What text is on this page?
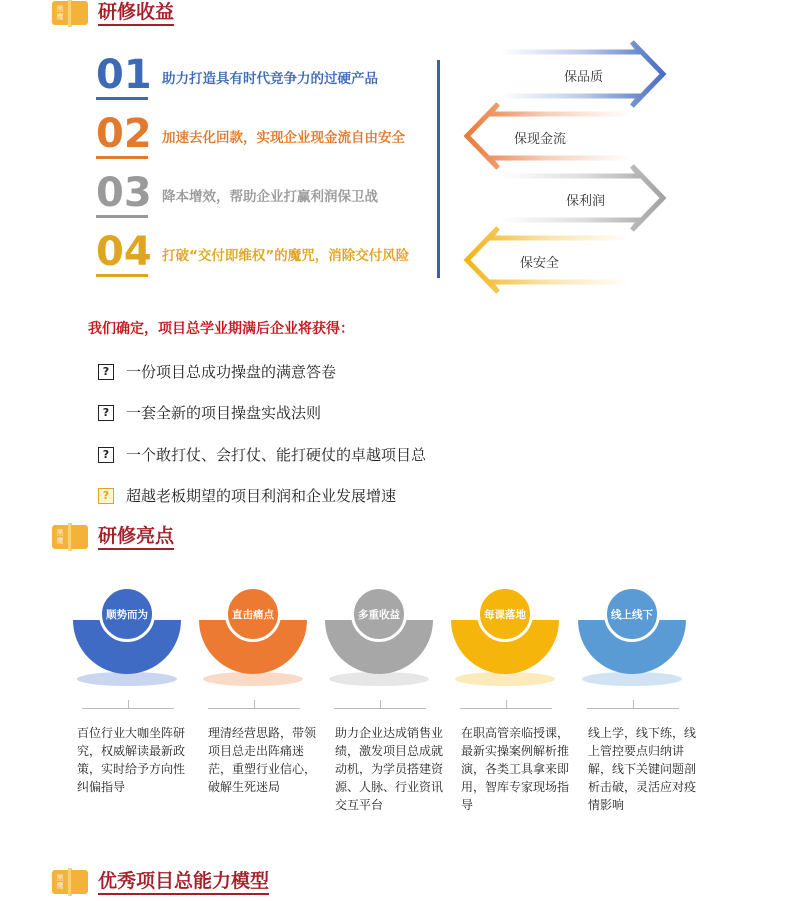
黑鹰 研修收益
01 助力打造具有时代竞争力的过硬产品
02 加速去化回款，实现企业现金流自由安全
03 降本增效，帮助企业打赢利润保卫战
04 打破“交付即维权”的魔咒，消除交付风险
保品质
保现金流
保利润
保安全
我们确定，项目总学业期满后企业将获得：
?	一份项目总成功操盘的满意答卷
?	一套全新的项目操盘实战法则
?	一个敢打仗、会打仗、能打硬仗的卓越项目总
?	超越老板期望的项目利润和企业发展增速
黑鹰 研修亮点
顺势而为	直击痛点	多重收益	每课落地	线上线下
百位行业大咖坐阵研究，权威解读最新政策，实时给予方向性纠偏指导
理清经营思路，带领项目总走出阵痛迷茫，重塑行业信心，破解生死迷局
助力企业达成销售业绩，激发项目总成就动机，为学员搭建资源、人脉、行业资讯交互平台
在职高管亲临授课，最新实操案例解析推演，各类工具拿来即用，智库专家现场指导
线上学，线下练，线上管控要点归纳讲解，线下关键问题剖析击破，灵活应对疫情影响
黑鹰 优秀项目总能力模型
